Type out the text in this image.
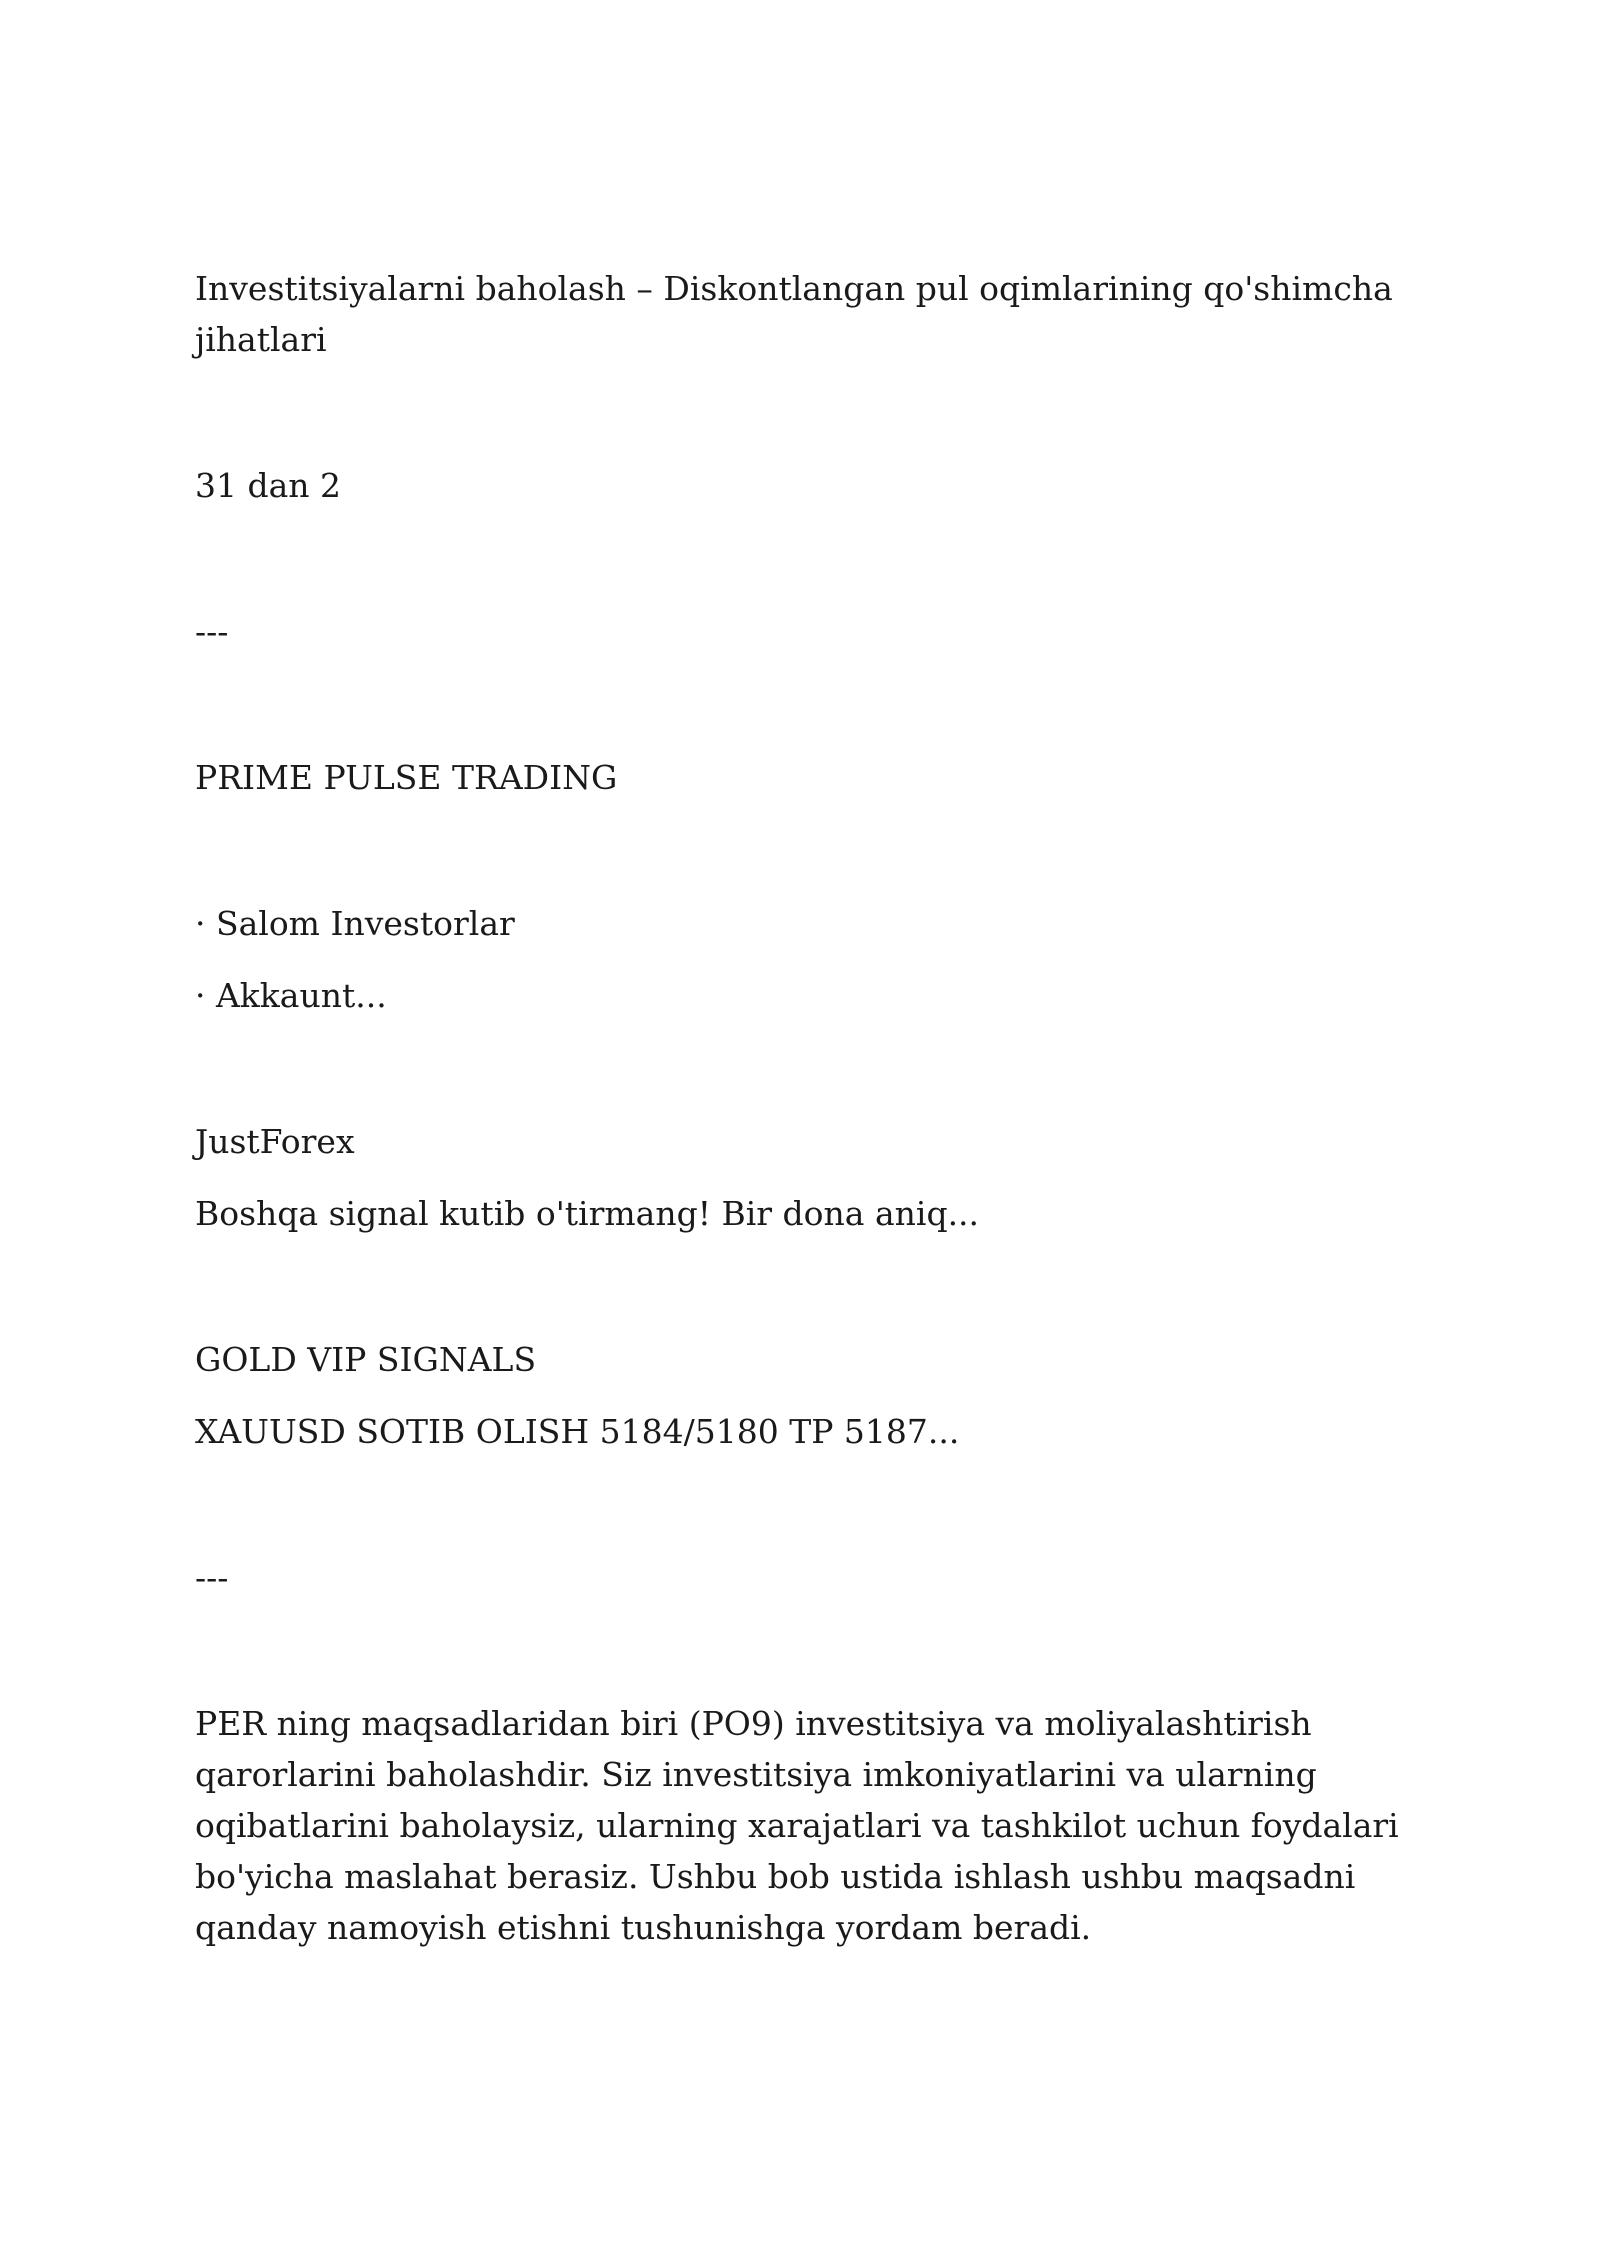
Investitsiyalarni baholash – Diskontlangan pul oqimlarining qo'shimcha jihatlari

31 dan 2

---

PRIME PULSE TRADING

· Salom Investorlar

· Akkaunt...

JustForex

Boshqa signal kutib o'tirmang! Bir dona aniq...

GOLD VIP SIGNALS

XAUUSD SOTIB OLISH 5184/5180 TP 5187...

---

PER ning maqsadlaridan biri (PO9) investitsiya va moliyalashtirish qarorlarini baholashdir. Siz investitsiya imkoniyatlarini va ularning oqibatlarini baholaysiz, ularning xarajatlari va tashkilot uchun foydalari bo'yicha maslahat berasiz. Ushbu bob ustida ishlash ushbu maqsadni qanday namoyish etishni tushunishga yordam beradi.
